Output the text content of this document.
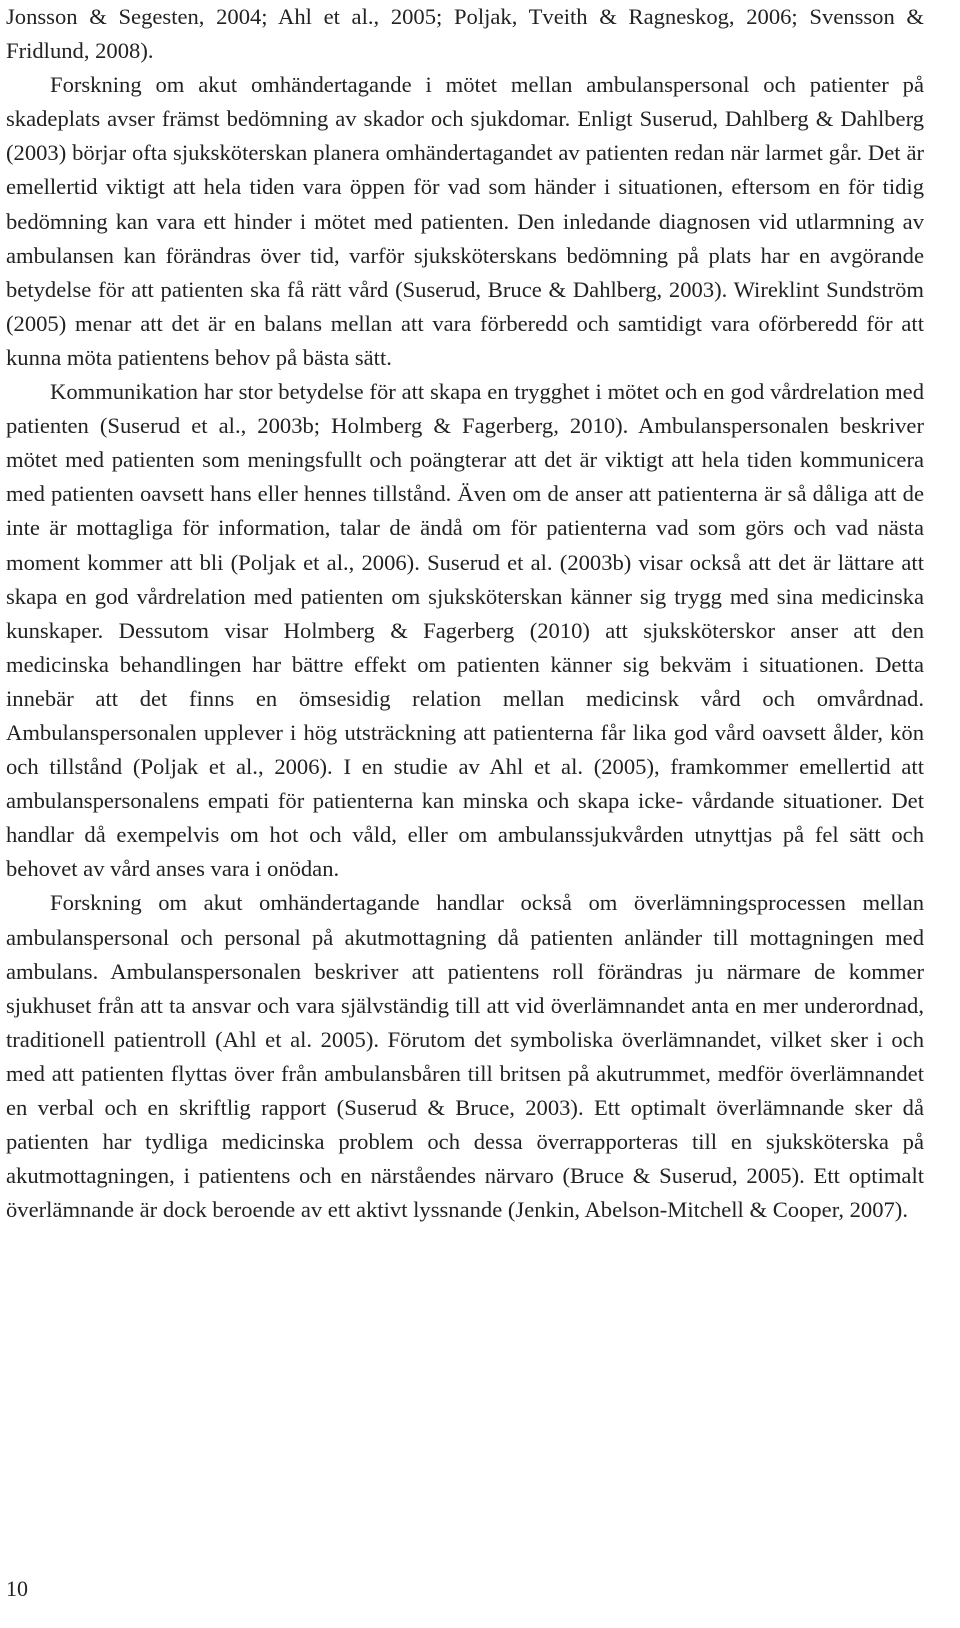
Jonsson & Segesten, 2004; Ahl et al., 2005; Poljak, Tveith & Ragneskog, 2006; Svensson & Fridlund, 2008).

Forskning om akut omhändertagande i mötet mellan ambulanspersonal och patienter på skadeplats avser främst bedömning av skador och sjukdomar. Enligt Suserud, Dahlberg & Dahlberg (2003) börjar ofta sjuksköterskan planera omhändertagandet av patienten redan när larmet går. Det är emellertid viktigt att hela tiden vara öppen för vad som händer i situationen, eftersom en för tidig bedömning kan vara ett hinder i mötet med patienten. Den inledande diagnosen vid utlarmning av ambulansen kan förändras över tid, varför sjuksköterskans bedömning på plats har en avgörande betydelse för att patienten ska få rätt vård (Suserud, Bruce & Dahlberg, 2003). Wireklint Sundström (2005) menar att det är en balans mellan att vara förberedd och samtidigt vara oförberedd för att kunna möta patientens behov på bästa sätt.

Kommunikation har stor betydelse för att skapa en trygghet i mötet och en god vårdrelation med patienten (Suserud et al., 2003b; Holmberg & Fagerberg, 2010). Ambulanspersonalen beskriver mötet med patienten som meningsfullt och poängterar att det är viktigt att hela tiden kommunicera med patienten oavsett hans eller hennes tillstånd. Även om de anser att patienterna är så dåliga att de inte är mottagliga för information, talar de ändå om för patienterna vad som görs och vad nästa moment kommer att bli (Poljak et al., 2006). Suserud et al. (2003b) visar också att det är lättare att skapa en god vårdrelation med patienten om sjuksköterskan känner sig trygg med sina medicinska kunskaper. Dessutom visar Holmberg & Fagerberg (2010) att sjuksköterskor anser att den medicinska behandlingen har bättre effekt om patienten känner sig bekväm i situationen. Detta innebär att det finns en ömsesidig relation mellan medicinsk vård och omvårdnad. Ambulanspersonalen upplever i hög utsträckning att patienterna får lika god vård oavsett ålder, kön och tillstånd (Poljak et al., 2006). I en studie av Ahl et al. (2005), framkommer emellertid att ambulanspersonalens empati för patienterna kan minska och skapa icke- vårdande situationer. Det handlar då exempelvis om hot och våld, eller om ambulanssjukvården utnyttjas på fel sätt och behovet av vård anses vara i onödan.

Forskning om akut omhändertagande handlar också om överlämningsprocessen mellan ambulanspersonal och personal på akutmottagning då patienten anländer till mottagningen med ambulans. Ambulanspersonalen beskriver att patientens roll förändras ju närmare de kommer sjukhuset från att ta ansvar och vara självständig till att vid överlämnandet anta en mer underordnad, traditionell patientroll (Ahl et al. 2005). Förutom det symboliska överlämnandet, vilket sker i och med att patienten flyttas över från ambulansbåren till britsen på akutrummet, medför överlämnandet en verbal och en skriftlig rapport (Suserud & Bruce, 2003). Ett optimalt överlämnande sker då patienten har tydliga medicinska problem och dessa överrapporteras till en sjuksköterska på akutmottagningen, i patientens och en närståendes närvaro (Bruce & Suserud, 2005). Ett optimalt överlämnande är dock beroende av ett aktivt lyssnande (Jenkin, Abelson-Mitchell & Cooper, 2007).

10
